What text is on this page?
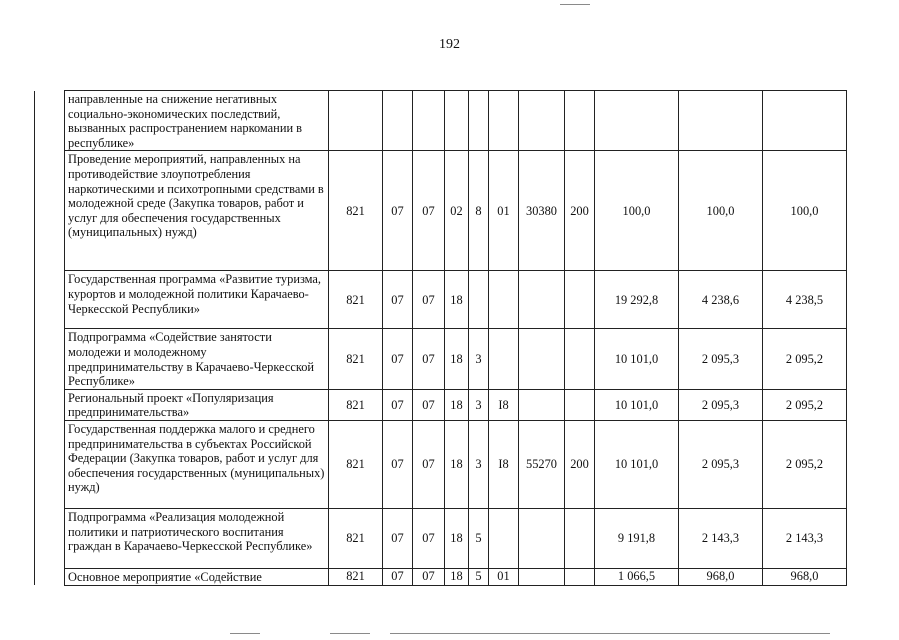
192
	направленные на снижение негативных социально-экономических последствий, вызванных распространением наркомании в республике»											
	Проведение мероприятий, направленных на противодействие злоупотребления наркотическими и психотропными средствами в молодежной среде (Закупка товаров, работ и услуг для обеспечения государственных (муниципальных) нужд)	821	07	07	02	8	01	30380	200	100,0	100,0	100,0
	Государственная программа «Развитие туризма, курортов и молодежной политики Карачаево-Черкесской Республики»	821	07	07	18					19 292,8	4 238,6	4 238,5
	Подпрограмма «Содействие занятости молодежи и молодежному предпринимательству в Карачаево-Черкесской Республике»	821	07	07	18	3				10 101,0	2 095,3	2 095,2
	Региональный проект «Популяризация предпринимательства»	821	07	07	18	3	I8			10 101,0	2 095,3	2 095,2
	Государственная поддержка малого и среднего предпринимательства в субъектах Российской Федерации (Закупка товаров, работ и услуг для обеспечения государственных (муниципальных) нужд)	821	07	07	18	3	I8	55270	200	10 101,0	2 095,3	2 095,2
	Подпрограмма «Реализация молодежной политики и патриотического воспитания граждан в Карачаево-Черкесской Республике»	821	07	07	18	5				9 191,8	2 143,3	2 143,3
	Основное мероприятие «Содействие	821	07	07	18	5	01			1 066,5	968,0	968,0
